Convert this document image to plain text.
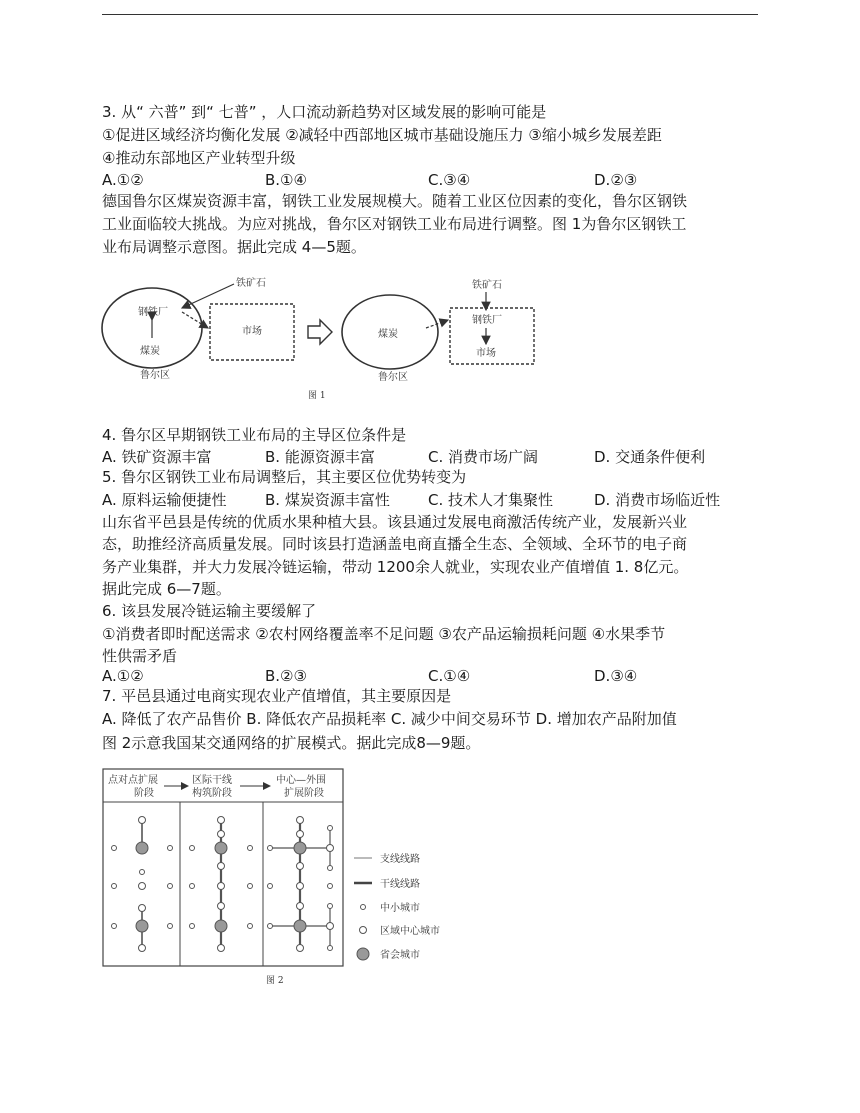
3. 从“ 六普” 到“ 七普” ，人口流动新趋势对区域发展的影响可能是
①促进区域经济均衡化发展 ②减轻中西部地区城市基础设施压力 ③缩小城乡发展差距
④推动东部地区产业转型升级
A.①②	B.①④	C.③④	D.②③
德国鲁尔区煤炭资源丰富，钢铁工业发展规模大。随着工业区位因素的变化，鲁尔区钢铁
工业面临较大挑战。为应对挑战，鲁尔区对钢铁工业布局进行调整。图 1为鲁尔区钢铁工
业布局调整示意图。据此完成 4—5题。
钢铁厂
煤炭
铁矿石
市场
鲁尔区
煤炭
铁矿石
钢铁厂
市场
鲁尔区
图 1
4. 鲁尔区早期钢铁工业布局的主导区位条件是
A. 铁矿资源丰富	B. 能源资源丰富	C. 消费市场广阔	D. 交通条件便利
5. 鲁尔区钢铁工业布局调整后，其主要区位优势转变为
A. 原料运输便捷性	B. 煤炭资源丰富性	C. 技术人才集聚性	D. 消费市场临近性
山东省平邑县是传统的优质水果种植大县。该县通过发展电商激活传统产业，发展新兴业
态，助推经济高质量发展。同时该县打造涵盖电商直播全生态、全领域、全环节的电子商
务产业集群，并大力发展冷链运输，带动 1200余人就业，实现农业产值增值 1. 8亿元。
据此完成 6—7题。
6. 该县发展冷链运输主要缓解了
①消费者即时配送需求 ②农村网络覆盖率不足问题 ③农产品运输损耗问题 ④水果季节
性供需矛盾
A.①②	B.②③	C.①④	D.③④
7. 平邑县通过电商实现农业产值增值，其主要原因是
A. 降低了农产品售价 B. 降低农产品损耗率 C. 减少中间交易环节 D. 增加农产品附加值
图 2示意我国某交通网络的扩展模式。据此完成8—9题。
点对点扩展
阶段
区际干线
构筑阶段
中心—外围
扩展阶段
支线线路
干线线路
中小城市
区域中心城市
省会城市
图 2
